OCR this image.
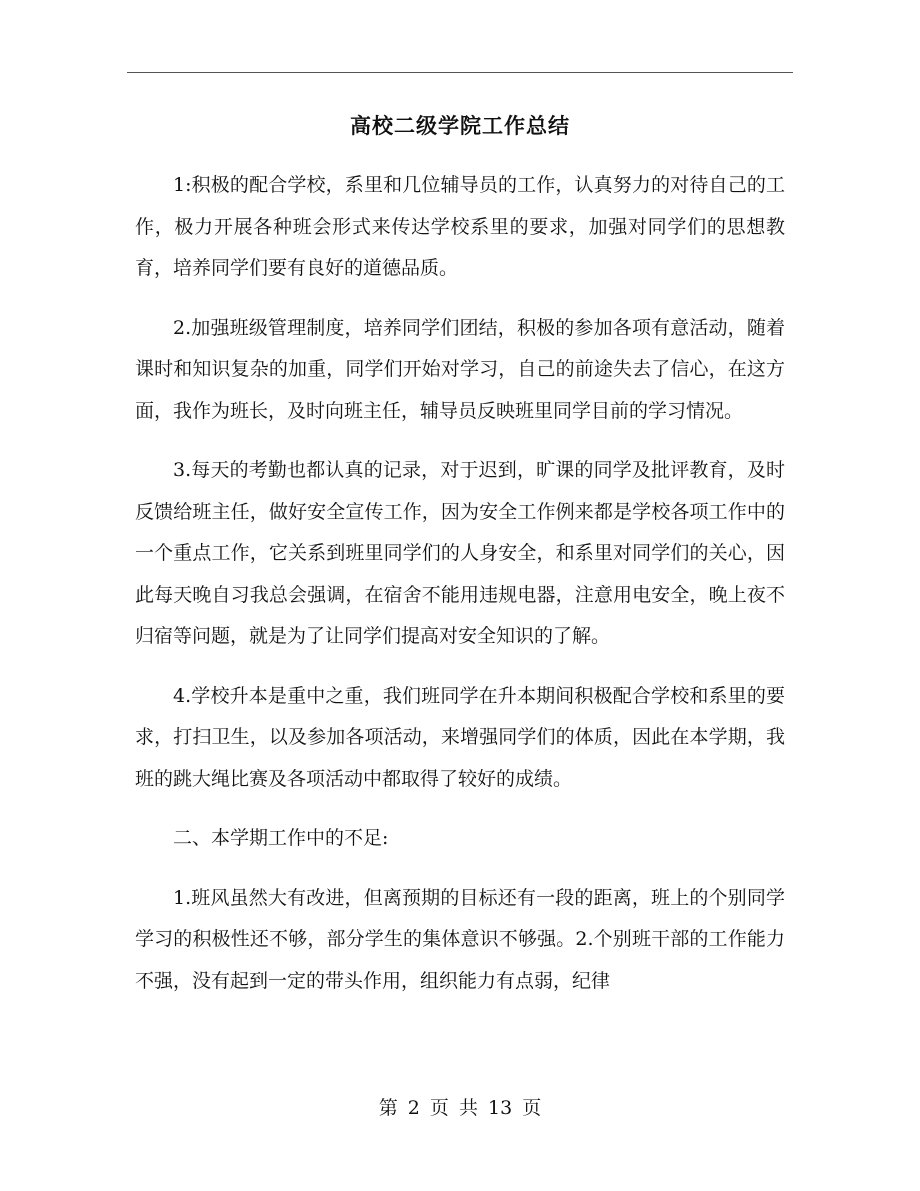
高校二级学院工作总结

1:积极的配合学校，系里和几位辅导员的工作，认真努力的对待自己的工作，极力开展各种班会形式来传达学校系里的要求，加强对同学们的思想教育，培养同学们要有良好的道德品质。

2.加强班级管理制度，培养同学们团结，积极的参加各项有意活动，随着课时和知识复杂的加重，同学们开始对学习，自己的前途失去了信心，在这方面，我作为班长，及时向班主任，辅导员反映班里同学目前的学习情况。

3.每天的考勤也都认真的记录，对于迟到，旷课的同学及批评教育，及时反馈给班主任，做好安全宣传工作，因为安全工作例来都是学校各项工作中的一个重点工作，它关系到班里同学们的人身安全，和系里对同学们的关心，因此每天晚自习我总会强调，在宿舍不能用违规电器，注意用电安全，晚上夜不归宿等问题，就是为了让同学们提高对安全知识的了解。

4.学校升本是重中之重，我们班同学在升本期间积极配合学校和系里的要求，打扫卫生，以及参加各项活动，来增强同学们的体质，因此在本学期，我班的跳大绳比赛及各项活动中都取得了较好的成绩。

二、本学期工作中的不足:

1.班风虽然大有改进，但离预期的目标还有一段的距离，班上的个别同学学习的积极性还不够，部分学生的集体意识不够强。2.个别班干部的工作能力不强，没有起到一定的带头作用，组织能力有点弱，纪律

第 2 页 共 13 页
